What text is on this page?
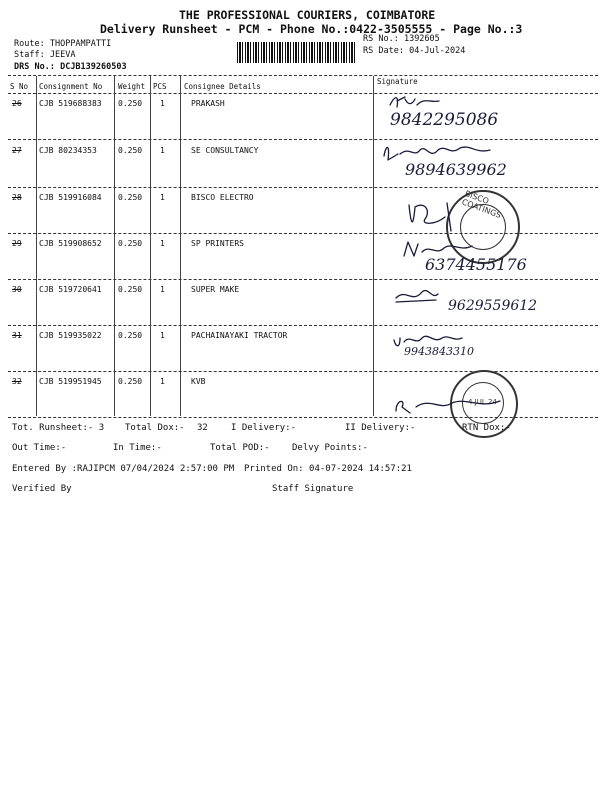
THE PROFESSIONAL COURIERS, COIMBATORE
Delivery Runsheet - PCM - Phone No.:0422-3505555 - Page No.:3
Route: THOPPAMPATTI
Staff: JEEVA
DRS No.: DCJB139260503
RS No.: 1392605
RS Date: 04-Jul-2024
S No Consignment No Weight PCS Consignee Details
Signature
26 CJB 519688383 0.250 1	PRAKASH
9842295086
27 CJB 80234353	0.250 1	SE CONSULTANCY
9894639962
28 CJB 519916084 0.250 1	BISCO ELECTRO	BISCO COATINGS
29 CJB 519908652 0.250 1	SP PRINTERS
6374455176
30 CJB 519720641 0.250 1	SUPER MAKE
9629559612
31 CJB 519935022 0.250 1	PACHAINAYAKI TRACTOR
9943843310
32 CJB 519951945 0.250 1	KVB
4 JUL 24
Tot. Runsheet:- 3 Total Dox:- 32	I Delivery:-	II Delivery:-	RTN Dox:-
Out Time:-	In Time:-	Total POD:- Delvy Points:-
Entered By :RAJIPCM 07/04/2024 2:57:00 PM Printed On: 04-07-2024 14:57:21
Verified By	Staff Signature
